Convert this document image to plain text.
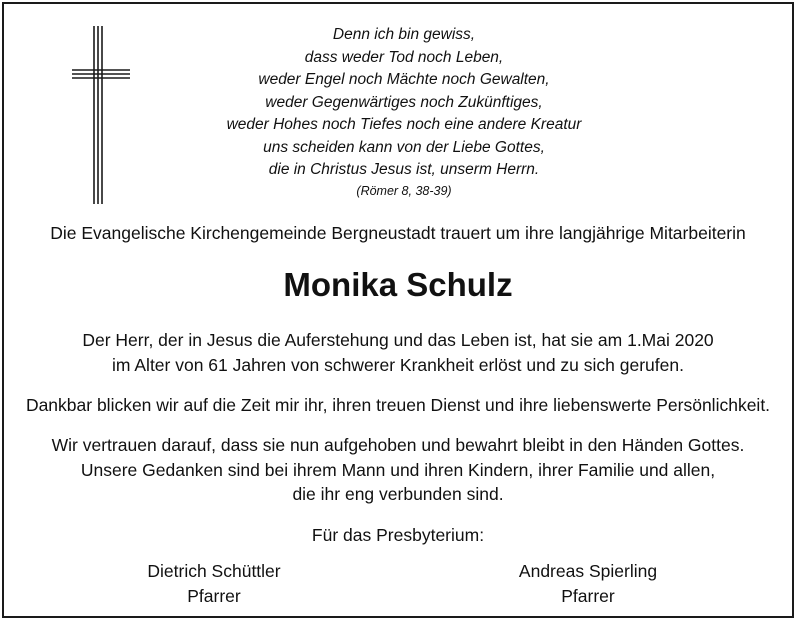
Denn ich bin gewiss,
dass weder Tod noch Leben,
weder Engel noch Mächte noch Gewalten,
weder Gegenwärtiges noch Zukünftiges,
weder Hohes noch Tiefes noch eine andere Kreatur
uns scheiden kann von der Liebe Gottes,
die in Christus Jesus ist, unserm Herrn.
(Römer 8, 38-39)
Die Evangelische Kirchengemeinde Bergneustadt trauert um ihre langjährige Mitarbeiterin
Monika Schulz
Der Herr, der in Jesus die Auferstehung und das Leben ist, hat sie am 1.Mai 2020
im Alter von 61 Jahren von schwerer Krankheit erlöst und zu sich gerufen.
Dankbar blicken wir auf die Zeit mir ihr, ihren treuen Dienst und ihre liebenswerte Persönlichkeit.
Wir vertrauen darauf, dass sie nun aufgehoben und bewahrt bleibt in den Händen Gottes.
Unsere Gedanken sind bei ihrem Mann und ihren Kindern, ihrer Familie und allen,
die ihr eng verbunden sind.
Für das Presbyterium:
Dietrich Schüttler
Pfarrer
Andreas Spierling
Pfarrer
